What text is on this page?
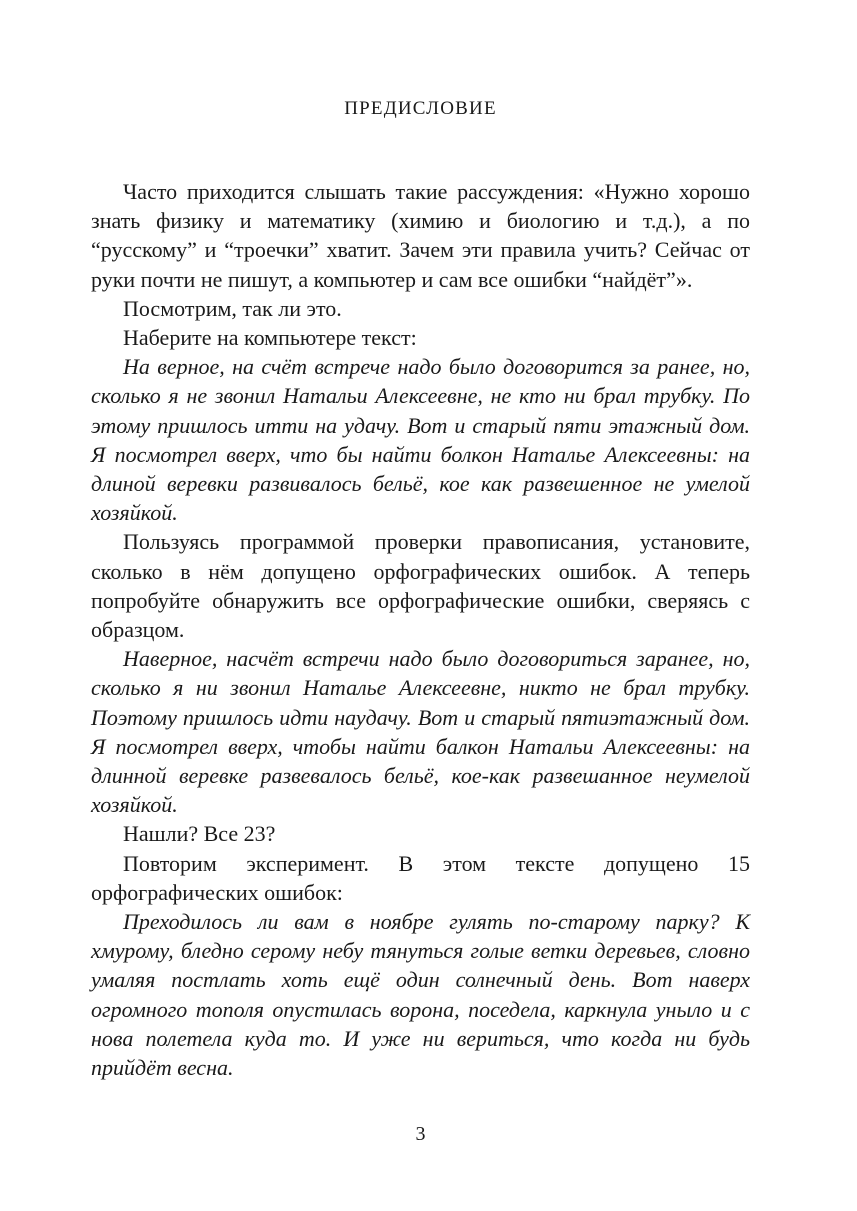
ПРЕДИСЛОВИЕ

Часто приходится слышать такие рассуждения: «Нужно хорошо знать физику и математику (химию и биологию и т.д.), а по “русскому” и “троечки” хватит. Зачем эти правила учить? Сейчас от руки почти не пишут, а компьютер и сам все ошибки “найдёт”».

Посмотрим, так ли это.

Наберите на компьютере текст:

На верное, на счёт встрече надо было договорится за ранее, но, сколько я не звонил Натальи Алексеевне, не кто ни брал трубку. По этому пришлось итти на удачу. Вот и старый пяти этажный дом. Я посмотрел вверх, что бы найти болкон Наталье Алексеевны: на длиной веревки развивалось бельё, кое как развешенное не умелой хозяйкой.

Пользуясь программой проверки правописания, установите, сколько в нём допущено орфографических ошибок. А теперь попробуйте обнаружить все орфографические ошибки, сверяясь с образцом.

Наверное, насчёт встречи надо было договориться заранее, но, сколько я ни звонил Наталье Алексеевне, никто не брал трубку. Поэтому пришлось идти наудачу. Вот и старый пятиэтажный дом. Я посмотрел вверх, чтобы найти балкон Натальи Алексеевны: на длинной веревке развевалось бельё, кое-как развешанное неумелой хозяйкой.

Нашли? Все 23?

Повторим эксперимент. В этом тексте допущено 15 орфографических ошибок:

Преходилось ли вам в ноябре гулять по-старому парку? К хмурому, бледно серому небу тянуться голые ветки деревьев, словно умаляя постлать хоть ещё один солнечный день. Вот наверх огромного тополя опустилась ворона, поседела, каркнула уныло и с нова полетела куда то. И уже ни вериться, что когда ни будь прийдёт весна.

3
